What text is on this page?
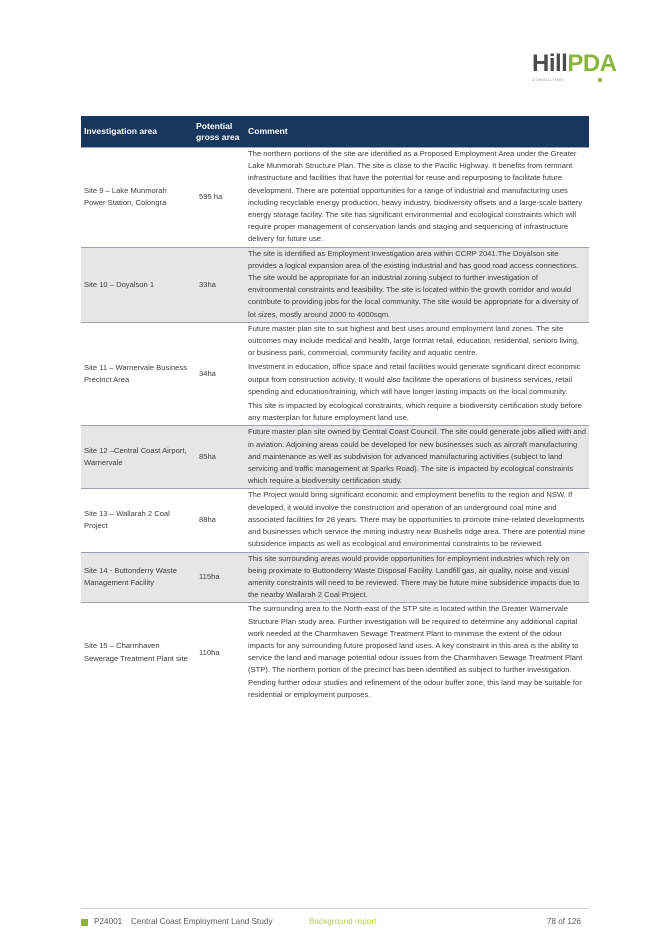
HillPDA
CONSULTING
Investigation area	Potential gross area	Comment
Site 9 – Lake Munmorah Power Station, Colongra	595 ha	The northern portions of the site are identified as a Proposed Employment Area under the Greater Lake Munmorah Structure Plan. The site is close to the Pacific Highway. It benefits from remnant infrastructure and facilities that have the potential for reuse and repurposing to facilitate future development. There are potential opportunities for a range of industrial and manufacturing uses including recyclable energy production, heavy industry, biodiversity offsets and a large-scale battery energy storage facility. The site has significant environmental and ecological constraints which will require proper management of conservation lands and staging and sequencing of infrastructure delivery for future use.

Site 10 – Doyalson 1	33ha	The site is identified as Employment Investigation area within CCRP 2041.The Doyalson site provides a logical expansion area of the existing industrial and has good road access connections. The site would be appropriate for an industrial zoning subject to further investigation of environmental constraints and feasibility. The site is located within the growth corridor and would contribute to providing jobs for the local community. The site would be appropriate for a diversity of lot sizes, mostly around 2000 to 4000sqm.

Site 11 – Warnervale Business Precinct Area	34ha	Future master plan site to suit highest and best uses around employment land zones. The site outcomes may include medical and health, large format retail, education, residential, seniors living, or business park, commercial, community facility and aquatic centre.
Investment in education, office space and retail facilities would generate significant direct economic output from construction activity. It would also facilitate the operations of business services, retail spending and education/training, which will have longer lasting impacts on the local community.
This site is impacted by ecological constraints, which require a biodiversity certification study before any masterplan for future employment land use.

Site 12 –Central Coast Airport, Warnervale	85ha	Future master plan site owned by Central Coast Council. The site could generate jobs allied with and in aviation. Adjoining areas could be developed for new businesses such as aircraft manufacturing and maintenance as well as subdivision for advanced manufacturing activities (subject to land servicing and traffic management at Sparks Road). The site is impacted by ecological constraints which require a biodiversity certification study.

Site 13 – Wallarah 2 Coal Project	88ha	The Project would bring significant economic and employment benefits to the region and NSW. If developed, it would involve the construction and operation of an underground coal mine and associated facilities for 28 years. There may be opportunities to promote mine-related developments and businesses which service the mining industry near Bushells ridge area. There are potential mine subsidence impacts as well as ecological and environmental constraints to be reviewed.

Site 14 - Buttonderry Waste Management Facility	115ha	This site surrounding areas would provide opportunities for employment industries which rely on being proximate to Buttonderry Waste Disposal Facility. Landfill gas, air quality, noise and visual amenity constraints will need to be reviewed. There may be future mine subsidence impacts due to the nearby Wallarah 2 Coal Project.

Site 15 – Charmhaven Sewerage Treatment Plant site	110ha	The surrounding area to the North-east of the STP site is located within the Greater Warnervale Structure Plan study area. Further investigation will be required to determine any additional capital work needed at the Charmhaven Sewage Treatment Plant to minimise the extent of the odour impacts for any surrounding future proposed land uses. A key constraint in this area is the ability to service the land and manage potential odour issues from the Charmhaven Sewage Treatment Plant (STP). The northern portion of the precinct has been identified as subject to further investigation. Pending further odour studies and refinement of the odour buffer zone, this land may be suitable for residential or employment purposes.
P24001 Central Coast Employment Land Study	Background report	78 of 126
